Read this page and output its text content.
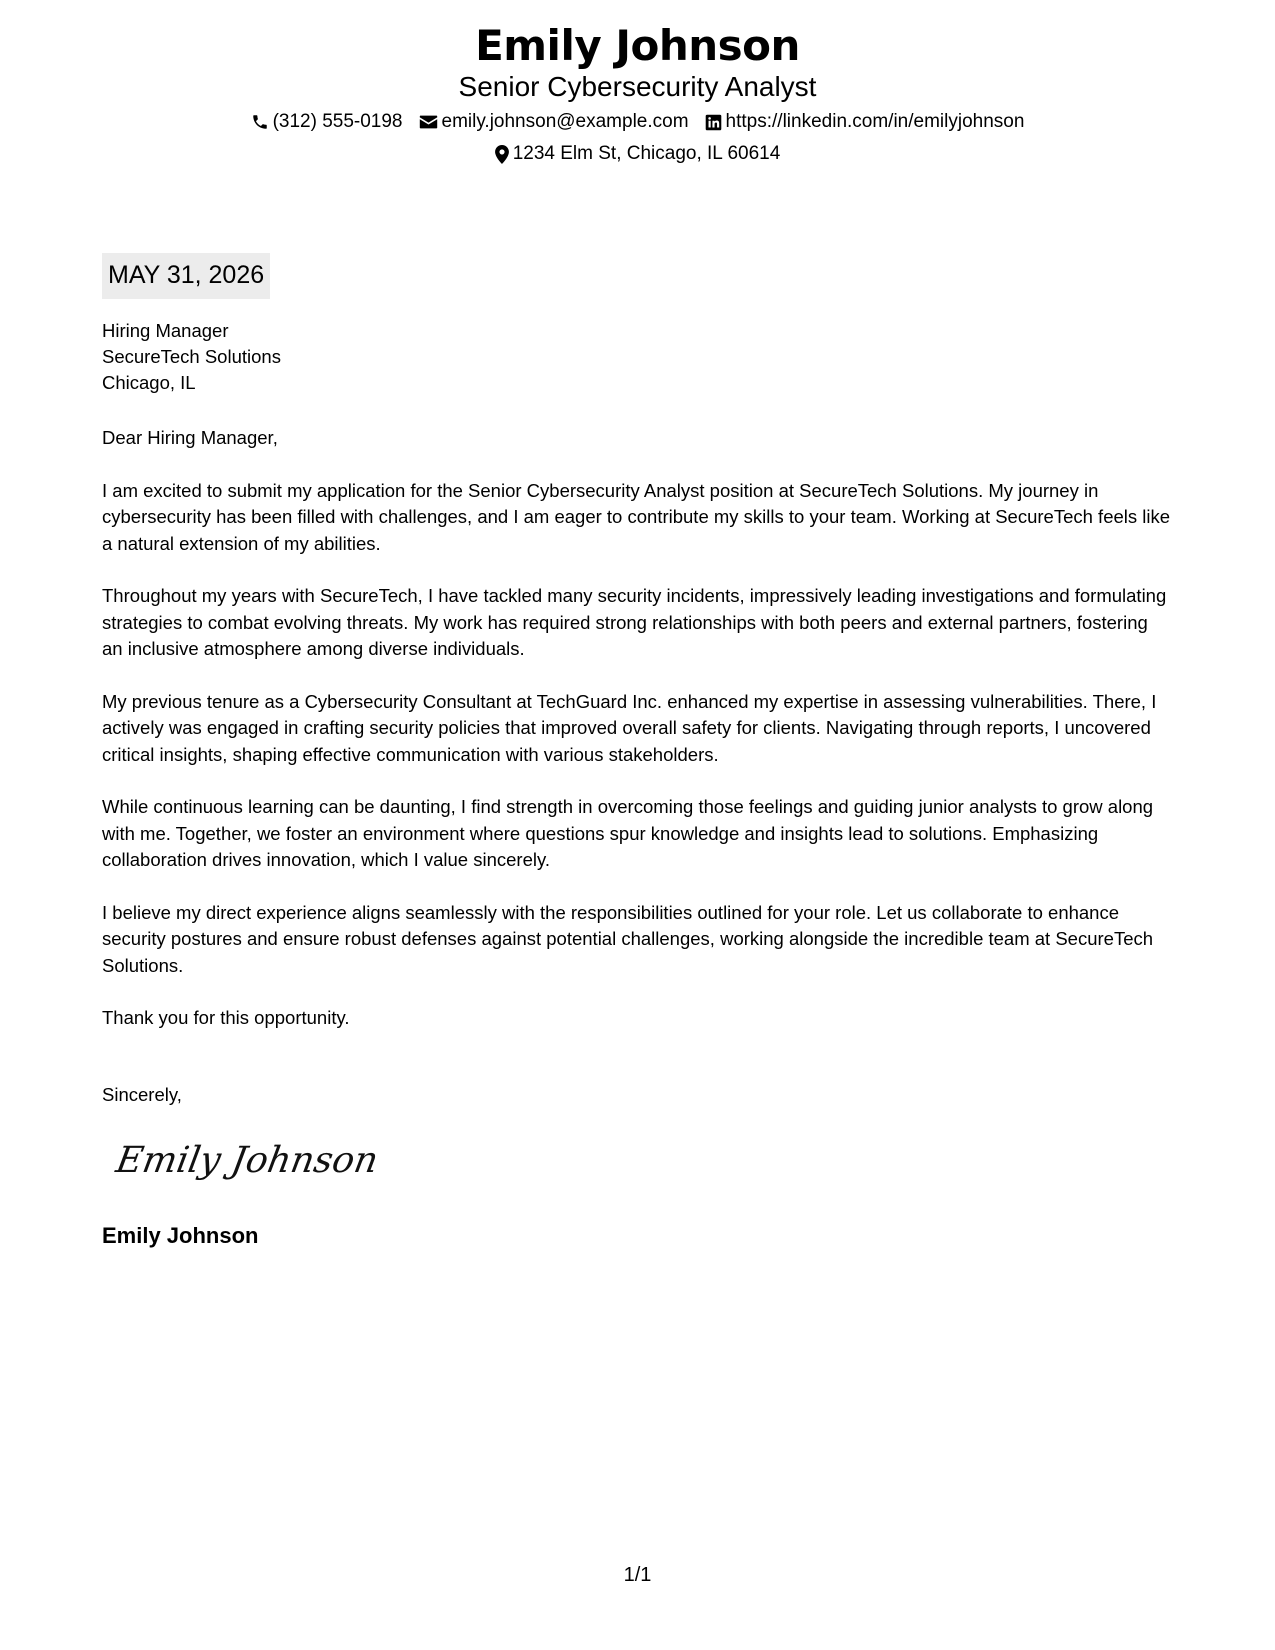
Emily Johnson
Senior Cybersecurity Analyst
(312) 555-0198 emily.johnson@example.com https://linkedin.com/in/emilyjohnson
1234 Elm St, Chicago, IL 60614
MAY 31, 2026
Hiring Manager
SecureTech Solutions
Chicago, IL

Dear Hiring Manager,

I am excited to submit my application for the Senior Cybersecurity Analyst position at SecureTech Solutions. My journey in cybersecurity has been filled with challenges, and I am eager to contribute my skills to your team. Working at SecureTech feels like a natural extension of my abilities.

Throughout my years with SecureTech, I have tackled many security incidents, impressively leading investigations and formulating strategies to combat evolving threats. My work has required strong relationships with both peers and external partners, fostering an inclusive atmosphere among diverse individuals.

My previous tenure as a Cybersecurity Consultant at TechGuard Inc. enhanced my expertise in assessing vulnerabilities. There, I actively was engaged in crafting security policies that improved overall safety for clients. Navigating through reports, I uncovered critical insights, shaping effective communication with various stakeholders.

While continuous learning can be daunting, I find strength in overcoming those feelings and guiding junior analysts to grow along with me. Together, we foster an environment where questions spur knowledge and insights lead to solutions. Emphasizing collaboration drives innovation, which I value sincerely.

I believe my direct experience aligns seamlessly with the responsibilities outlined for your role. Let us collaborate to enhance security postures and ensure robust defenses against potential challenges, working alongside the incredible team at SecureTech Solutions.

Thank you for this opportunity.

Sincerely,
Emily Johnson
Emily Johnson
1/1
